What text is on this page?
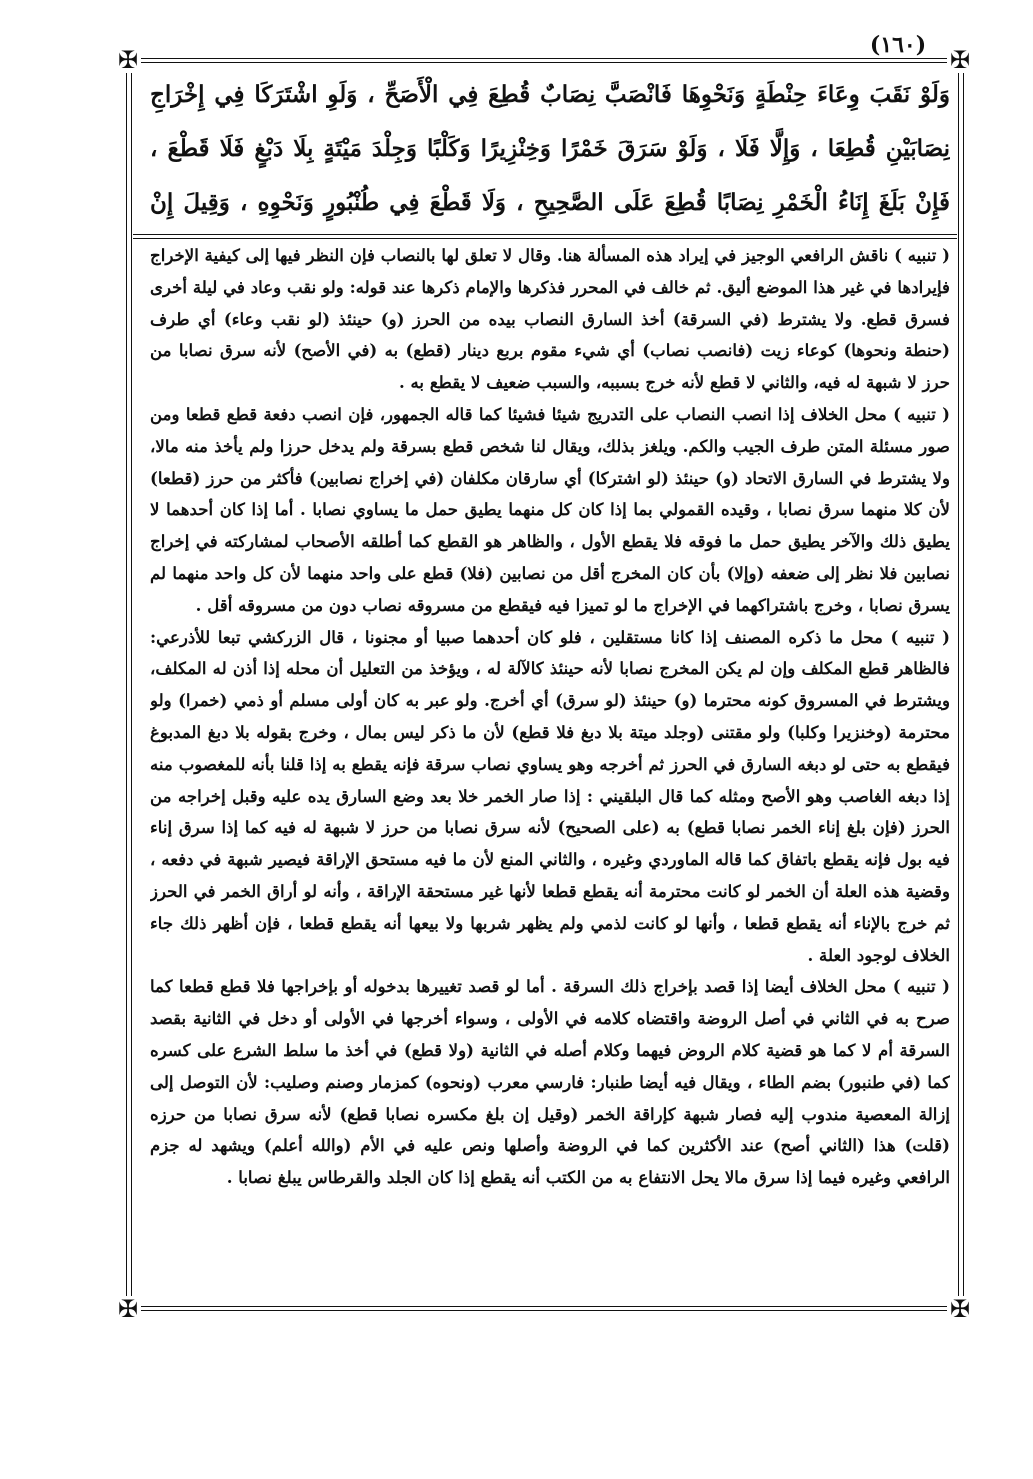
(١٦٠)
✠	✠
✠	✠

وَلَوْ نَقَبَ وِعَاءَ حِنْطَةٍ وَنَحْوِهَا فَانْصَبَّ نِصَابٌ قُطِعَ فِي الْأَصَحِّ ، وَلَوِ اشْتَرَكَا فِي إِخْرَاجِ نِصَابَيْنِ قُطِعَا ، وَإِلَّا فَلَا ، وَلَوْ سَرَقَ خَمْرًا وَخِنْزِيرًا وَكَلْبًا وَجِلْدَ مَيْتَةٍ بِلَا دَبْغٍ فَلَا قَطْعَ ، فَإِنْ بَلَغَ إِنَاءُ الْخَمْرِ نِصَابًا قُطِعَ عَلَى الصَّحِيحِ ، وَلَا قَطْعَ فِي طُنْبُورٍ وَنَحْوِهِ ، وَقِيلَ إِنْ

( تنبيه ) ناقش الرافعي الوجيز في إيراد هذه المسألة هنا. وقال لا تعلق لها بالنصاب فإن النظر فيها إلى كيفية الإخراج فإيرادها في غير هذا الموضع أليق. ثم خالف في المحرر فذكرها والإمام ذكرها عند قوله: ولو نقب وعاد في ليلة أخرى فسرق قطع. ولا يشترط (في السرقة) أخذ السارق النصاب بيده من الحرز (و) حينئذ (لو نقب وعاء) أي طرف (حنطة ونحوها) كوعاء زيت (فانصب نصاب) أي شيء مقوم بربع دينار (قطع) به (في الأصح) لأنه سرق نصابا من حرز لا شبهة له فيه، والثاني لا قطع لأنه خرج بسببه، والسبب ضعيف لا يقطع به .

( تنبيه ) محل الخلاف إذا انصب النصاب على التدريج شيئا فشيئا كما قاله الجمهور، فإن انصب دفعة قطع قطعا ومن صور مسئلة المتن طرف الجيب والكم. ويلغز بذلك، ويقال لنا شخص قطع بسرقة ولم يدخل حرزا ولم يأخذ منه مالا، ولا يشترط في السارق الاتحاد (و) حينئذ (لو اشتركا) أي سارقان مكلفان (في إخراج نصابين) فأكثر من حرز (قطعا) لأن كلا منهما سرق نصابا ، وقيده القمولي بما إذا كان كل منهما يطيق حمل ما يساوي نصابا . أما إذا كان أحدهما لا يطيق ذلك والآخر يطيق حمل ما فوقه فلا يقطع الأول ، والظاهر هو القطع كما أطلقه الأصحاب لمشاركته في إخراج نصابين فلا نظر إلى ضعفه (وإلا) بأن كان المخرج أقل من نصابين (فلا) قطع على واحد منهما لأن كل واحد منهما لم يسرق نصابا ، وخرج باشتراكهما في الإخراج ما لو تميزا فيه فيقطع من مسروقه نصاب دون من مسروقه أقل .

( تنبيه ) محل ما ذكره المصنف إذا كانا مستقلين ، فلو كان أحدهما صبيا أو مجنونا ، قال الزركشي تبعا للأذرعي: فالظاهر قطع المكلف وإن لم يكن المخرج نصابا لأنه حينئذ كالآلة له ، ويؤخذ من التعليل أن محله إذا أذن له المكلف، ويشترط في المسروق كونه محترما (و) حينئذ (لو سرق) أي أخرج. ولو عبر به كان أولى مسلم أو ذمي (خمرا) ولو محترمة (وخنزيرا وكلبا) ولو مقتنى (وجلد ميتة بلا دبغ فلا قطع) لأن ما ذكر ليس بمال ، وخرج بقوله بلا دبغ المدبوغ فيقطع به حتى لو دبغه السارق في الحرز ثم أخرجه وهو يساوي نصاب سرقة فإنه يقطع به إذا قلنا بأنه للمغصوب منه إذا دبغه الغاصب وهو الأصح ومثله كما قال البلقيني : إذا صار الخمر خلا بعد وضع السارق يده عليه وقبل إخراجه من الحرز (فإن بلغ إناء الخمر نصابا قطع) به (على الصحيح) لأنه سرق نصابا من حرز لا شبهة له فيه كما إذا سرق إناء فيه بول فإنه يقطع باتفاق كما قاله الماوردي وغيره ، والثاني المنع لأن ما فيه مستحق الإراقة فيصير شبهة في دفعه ، وقضية هذه العلة أن الخمر لو كانت محترمة أنه يقطع قطعا لأنها غير مستحقة الإراقة ، وأنه لو أراق الخمر في الحرز ثم خرج بالإناء أنه يقطع قطعا ، وأنها لو كانت لذمي ولم يظهر شربها ولا بيعها أنه يقطع قطعا ، فإن أظهر ذلك جاء الخلاف لوجود العلة .

( تنبيه ) محل الخلاف أيضا إذا قصد بإخراج ذلك السرقة . أما لو قصد تغييرها بدخوله أو بإخراجها فلا قطع قطعا كما صرح به في الثاني في أصل الروضة واقتضاه كلامه في الأولى ، وسواء أخرجها في الأولى أو دخل في الثانية بقصد السرقة أم لا كما هو قضية كلام الروض فيهما وكلام أصله في الثانية (ولا قطع) في أخذ ما سلط الشرع على كسره كما (في طنبور) بضم الطاء ، ويقال فيه أيضا طنبار: فارسي معرب (ونحوه) كمزمار وصنم وصليب: لأن التوصل إلى إزالة المعصية مندوب إليه فصار شبهة كإراقة الخمر (وقيل إن بلغ مكسره نصابا قطع) لأنه سرق نصابا من حرزه (قلت) هذا (الثاني أصح) عند الأكثرين كما في الروضة وأصلها ونص عليه في الأم (والله أعلم) ويشهد له جزم الرافعي وغيره فيما إذا سرق مالا يحل الانتفاع به من الكتب أنه يقطع إذا كان الجلد والقرطاس يبلغ نصابا .
